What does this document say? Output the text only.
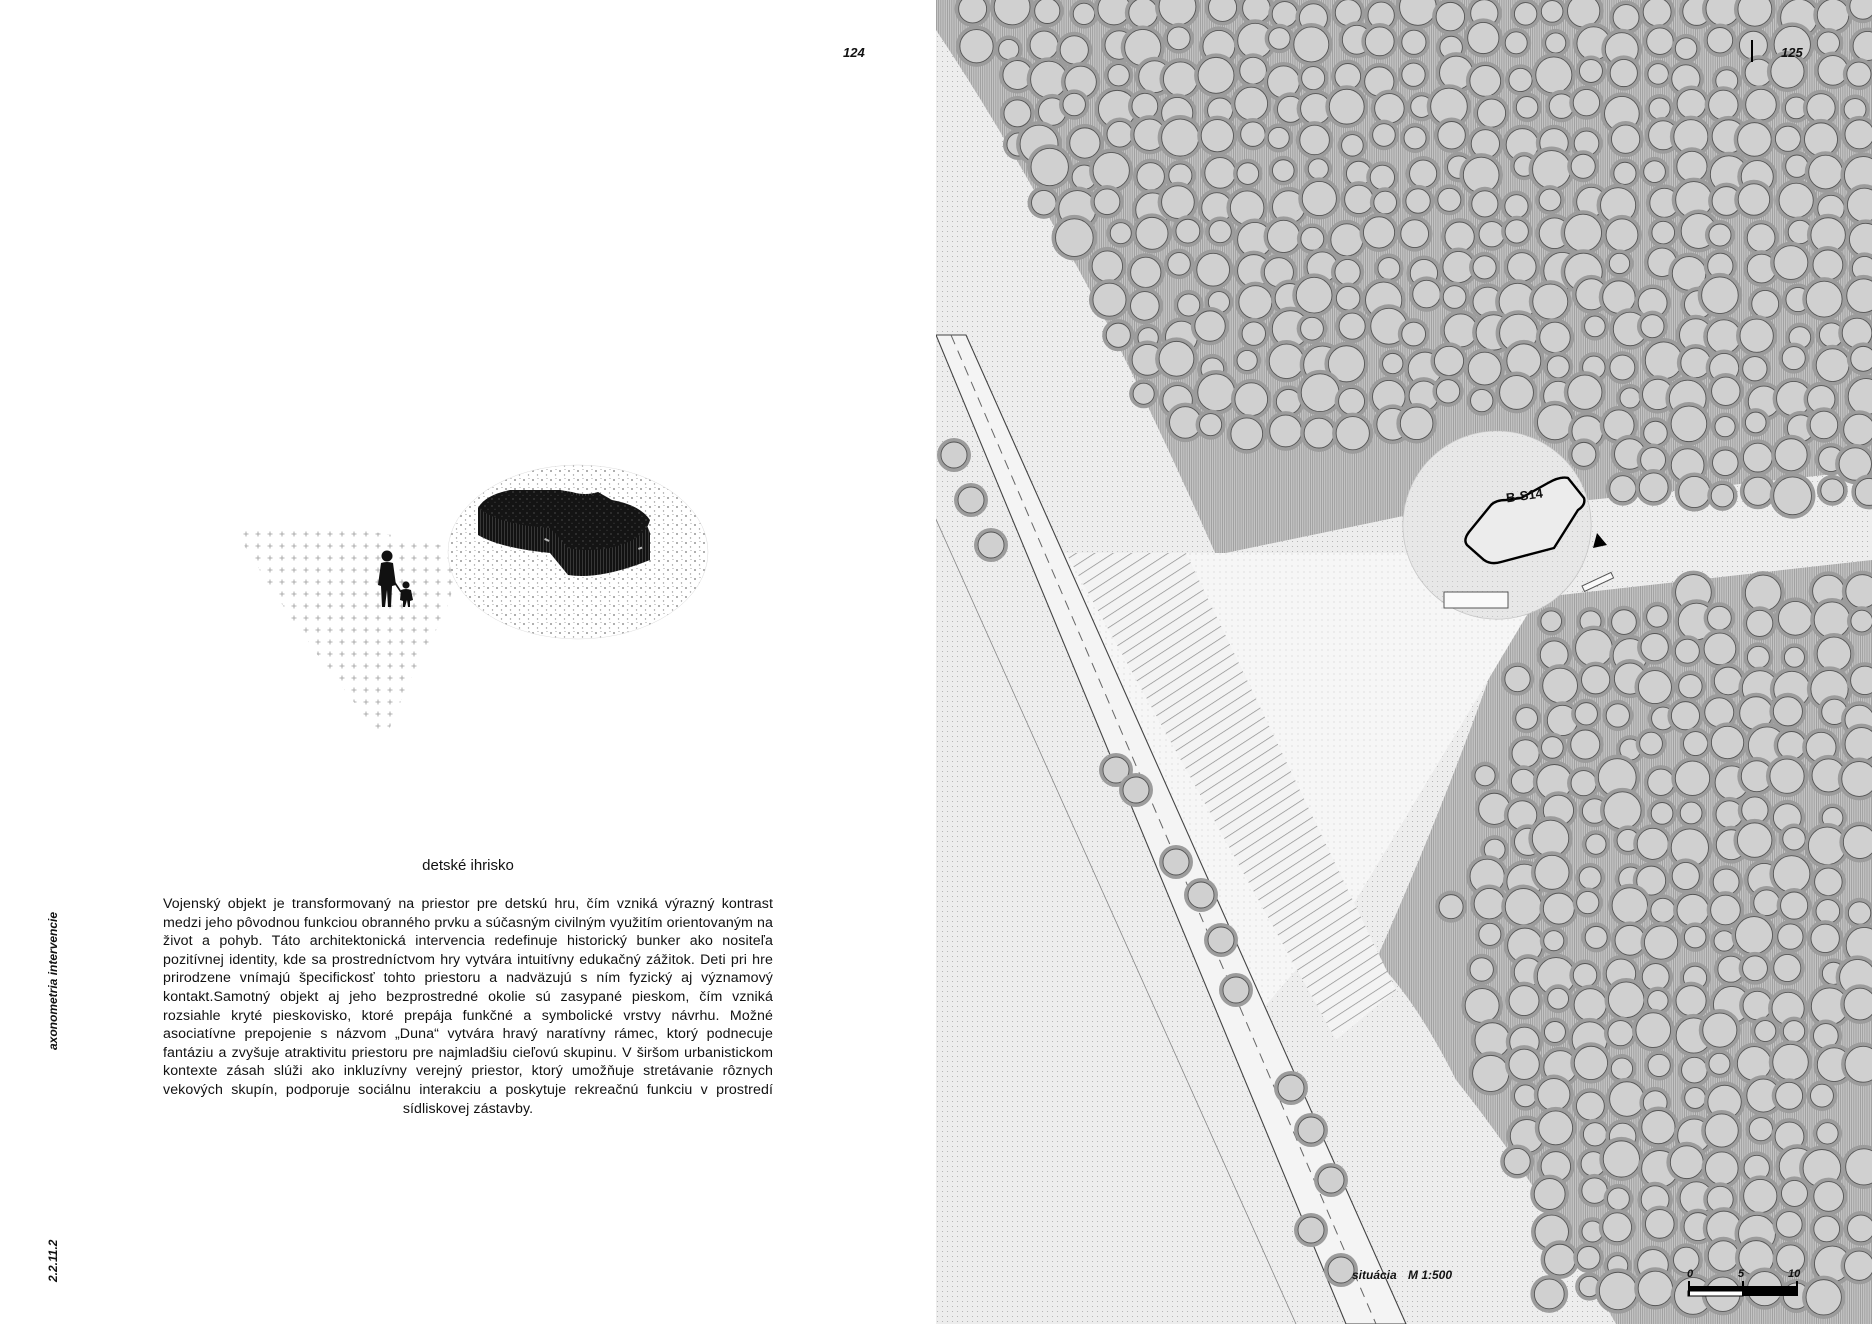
124
detské ihrisko
Vojenský objekt je transformovaný na priestor pre detskú hru, čím vzniká výrazný kontrast medzi jeho pôvodnou funkciou obranného prvku a súčasným civilným využitím orientovaným na život a pohyb. Táto architektonická intervencia redefinuje historický bunker ako nositeľa pozitívnej identity, kde sa prostredníctvom hry vytvára intuitívny edukačný zážitok. Deti pri hre prirodzene vnímajú špecifickosť tohto priestoru a nadväzujú s ním fyzický aj významový kontakt.Samotný objekt aj jeho bezprostredné okolie sú zasypané pieskom, čím vzniká rozsiahle kryté pieskovisko, ktoré prepája funkčné a symbolické vrstvy návrhu. Možné asociatívne prepojenie s názvom „Duna“ vytvára hravý naratívny rámec, ktorý podnecuje fantáziu a zvyšuje atraktivitu priestoru pre najmladšiu cieľovú skupinu. V širšom urbanistickom kontexte zásah slúži ako inkluzívny verejný priestor, ktorý umožňuje stretávanie rôznych vekových skupín, podporuje sociálnu interakciu a poskytuje rekreačnú funkciu v prostredí sídliskovej zástavby.
axonometria intervencie
2.2.11.2
125
B-S14
situácia M 1:500	0	5	10
